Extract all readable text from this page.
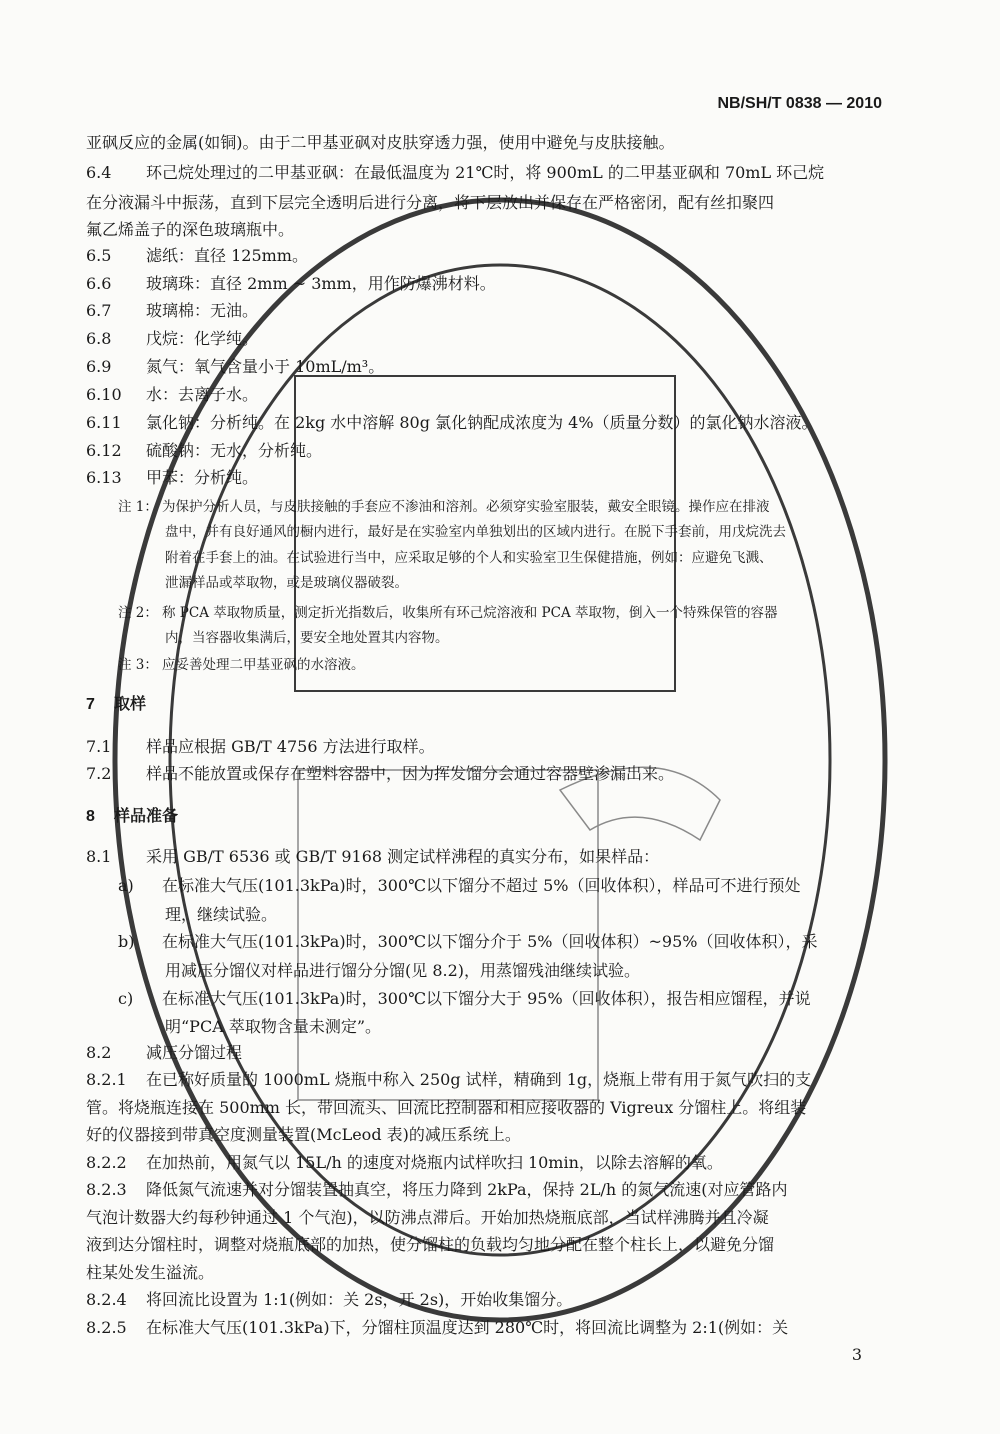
NB/SH/T 0838 — 2010
亚砜反应的金属(如铜)。由于二甲基亚砜对皮肤穿透力强，使用中避免与皮肤接触。
6.4 环己烷处理过的二甲基亚砜：在最低温度为 21℃时，将 900mL 的二甲基亚砜和 70mL 环己烷
在分液漏斗中振荡，直到下层完全透明后进行分离，将下层放出并保存在严格密闭，配有丝扣聚四
氟乙烯盖子的深色玻璃瓶中。
6.5 滤纸：直径 125mm。
6.6 玻璃珠：直径 2mm ~ 3mm，用作防爆沸材料。
6.7 玻璃棉：无油。
6.8 戊烷：化学纯。
6.9 氮气：氧气含量小于 10mL/m³。
6.10 水：去离子水。
6.11 氯化钠：分析纯。在 2kg 水中溶解 80g 氯化钠配成浓度为 4%（质量分数）的氯化钠水溶液。
6.12 硫酸钠：无水，分析纯。
6.13 甲苯：分析纯。
注 1： 为保护分析人员，与皮肤接触的手套应不渗油和溶剂。必须穿实验室服装，戴安全眼镜。操作应在排液
盘中，并有良好通风的橱内进行，最好是在实验室内单独划出的区域内进行。在脱下手套前，用戊烷洗去
附着在手套上的油。在试验进行当中，应采取足够的个人和实验室卫生保健措施，例如：应避免飞溅、
泄漏样品或萃取物，或是玻璃仪器破裂。
注 2： 称 PCA 萃取物质量，测定折光指数后，收集所有环己烷溶液和 PCA 萃取物，倒入一个特殊保管的容器
内，当容器收集满后，要安全地处置其内容物。
注 3： 应妥善处理二甲基亚砜的水溶液。
7 取样
7.1 样品应根据 GB/T 4756 方法进行取样。
7.2 样品不能放置或保存在塑料容器中，因为挥发馏分会通过容器壁渗漏出来。
8 样品准备
8.1 采用 GB/T 6536 或 GB/T 9168 测定试样沸程的真实分布，如果样品：
a) 在标准大气压(101.3kPa)时，300℃以下馏分不超过 5%（回收体积），样品可不进行预处
理，继续试验。
b) 在标准大气压(101.3kPa)时，300℃以下馏分介于 5%（回收体积）~95%（回收体积），采
用减压分馏仪对样品进行馏分分馏(见 8.2)，用蒸馏残油继续试验。
c) 在标准大气压(101.3kPa)时，300℃以下馏分大于 95%（回收体积），报告相应馏程，并说
明“PCA 萃取物含量未测定”。
8.2 减压分馏过程
8.2.1 在已称好质量的 1000mL 烧瓶中称入 250g 试样，精确到 1g，烧瓶上带有用于氮气吹扫的支
管。将烧瓶连接在 500mm 长，带回流头、回流比控制器和相应接收器的 Vigreux 分馏柱上。将组装
好的仪器接到带真空度测量装置(McLeod 表)的减压系统上。
8.2.2 在加热前，用氮气以 15L/h 的速度对烧瓶内试样吹扫 10min，以除去溶解的氧。
8.2.3 降低氮气流速并对分馏装置抽真空，将压力降到 2kPa，保持 2L/h 的氮气流速(对应管路内
气泡计数器大约每秒钟通过 1 个气泡)，以防沸点滞后。开始加热烧瓶底部，当试样沸腾并且冷凝
液到达分馏柱时，调整对烧瓶底部的加热，使分馏柱的负载均匀地分配在整个柱长上，以避免分馏
柱某处发生溢流。
8.2.4 将回流比设置为 1:1(例如：关 2s，开 2s)，开始收集馏分。
8.2.5 在标准大气压(101.3kPa)下，分馏柱顶温度达到 280℃时，将回流比调整为 2:1(例如：关
3
